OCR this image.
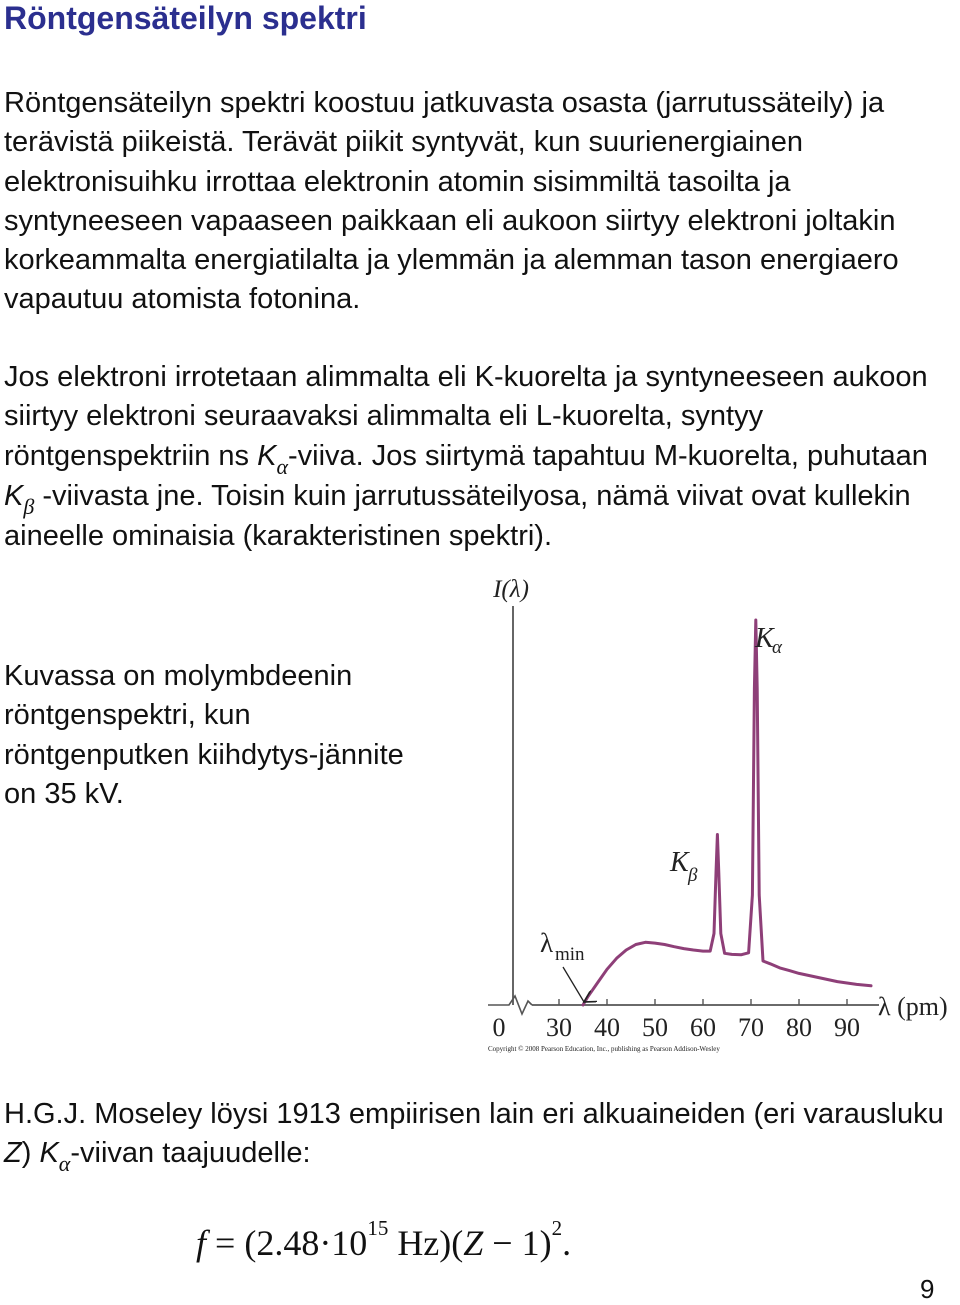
Röntgensäteilyn spektri

Röntgensäteilyn spektri koostuu jatkuvasta osasta (jarrutussäteily) ja terävistä piikeistä. Terävät piikit syntyvät, kun suurienergiainen elektronisuihku irrottaa elektronin atomin sisimmiltä tasoilta ja syntyneeseen vapaaseen paikkaan eli aukoon siirtyy elektroni joltakin korkeammalta energiatilalta ja ylemmän ja alemman tason energiaero vapautuu atomista fotonina.

Jos elektroni irrotetaan alimmalta eli K-kuorelta ja syntyneeseen aukoon siirtyy elektroni seuraavaksi alimmalta eli L-kuorelta, syntyy röntgenspektriin ns $K_\alpha$-viiva. Jos siirtymä tapahtuu M-kuorelta, puhutaan $K_\beta$ -viivasta jne. Toisin kuin jarrutussäteilyosa, nämä viivat ovat kullekin aineelle ominaisia (karakteristinen spektri).

Kuvassa on molymbdeenin röntgenspektri, kun röntgenputken kiihdytys-jännite on 35 kV.

0 30 40 50 60 70 80 90
I(λ)
λ (pm)
K
α
K β
λ min
Copyright © 2008 Pearson Education, Inc., publishing as Pearson Addison-Wesley

H.G.J. Moseley löysi 1913 empiirisen lain eri alkuaineiden (eri varausluku Z) $K_\alpha$-viivan taajuudelle:

$f = (2.48\cdot 10^{15}$ $Hz)(Z - 1)^2$.
9
